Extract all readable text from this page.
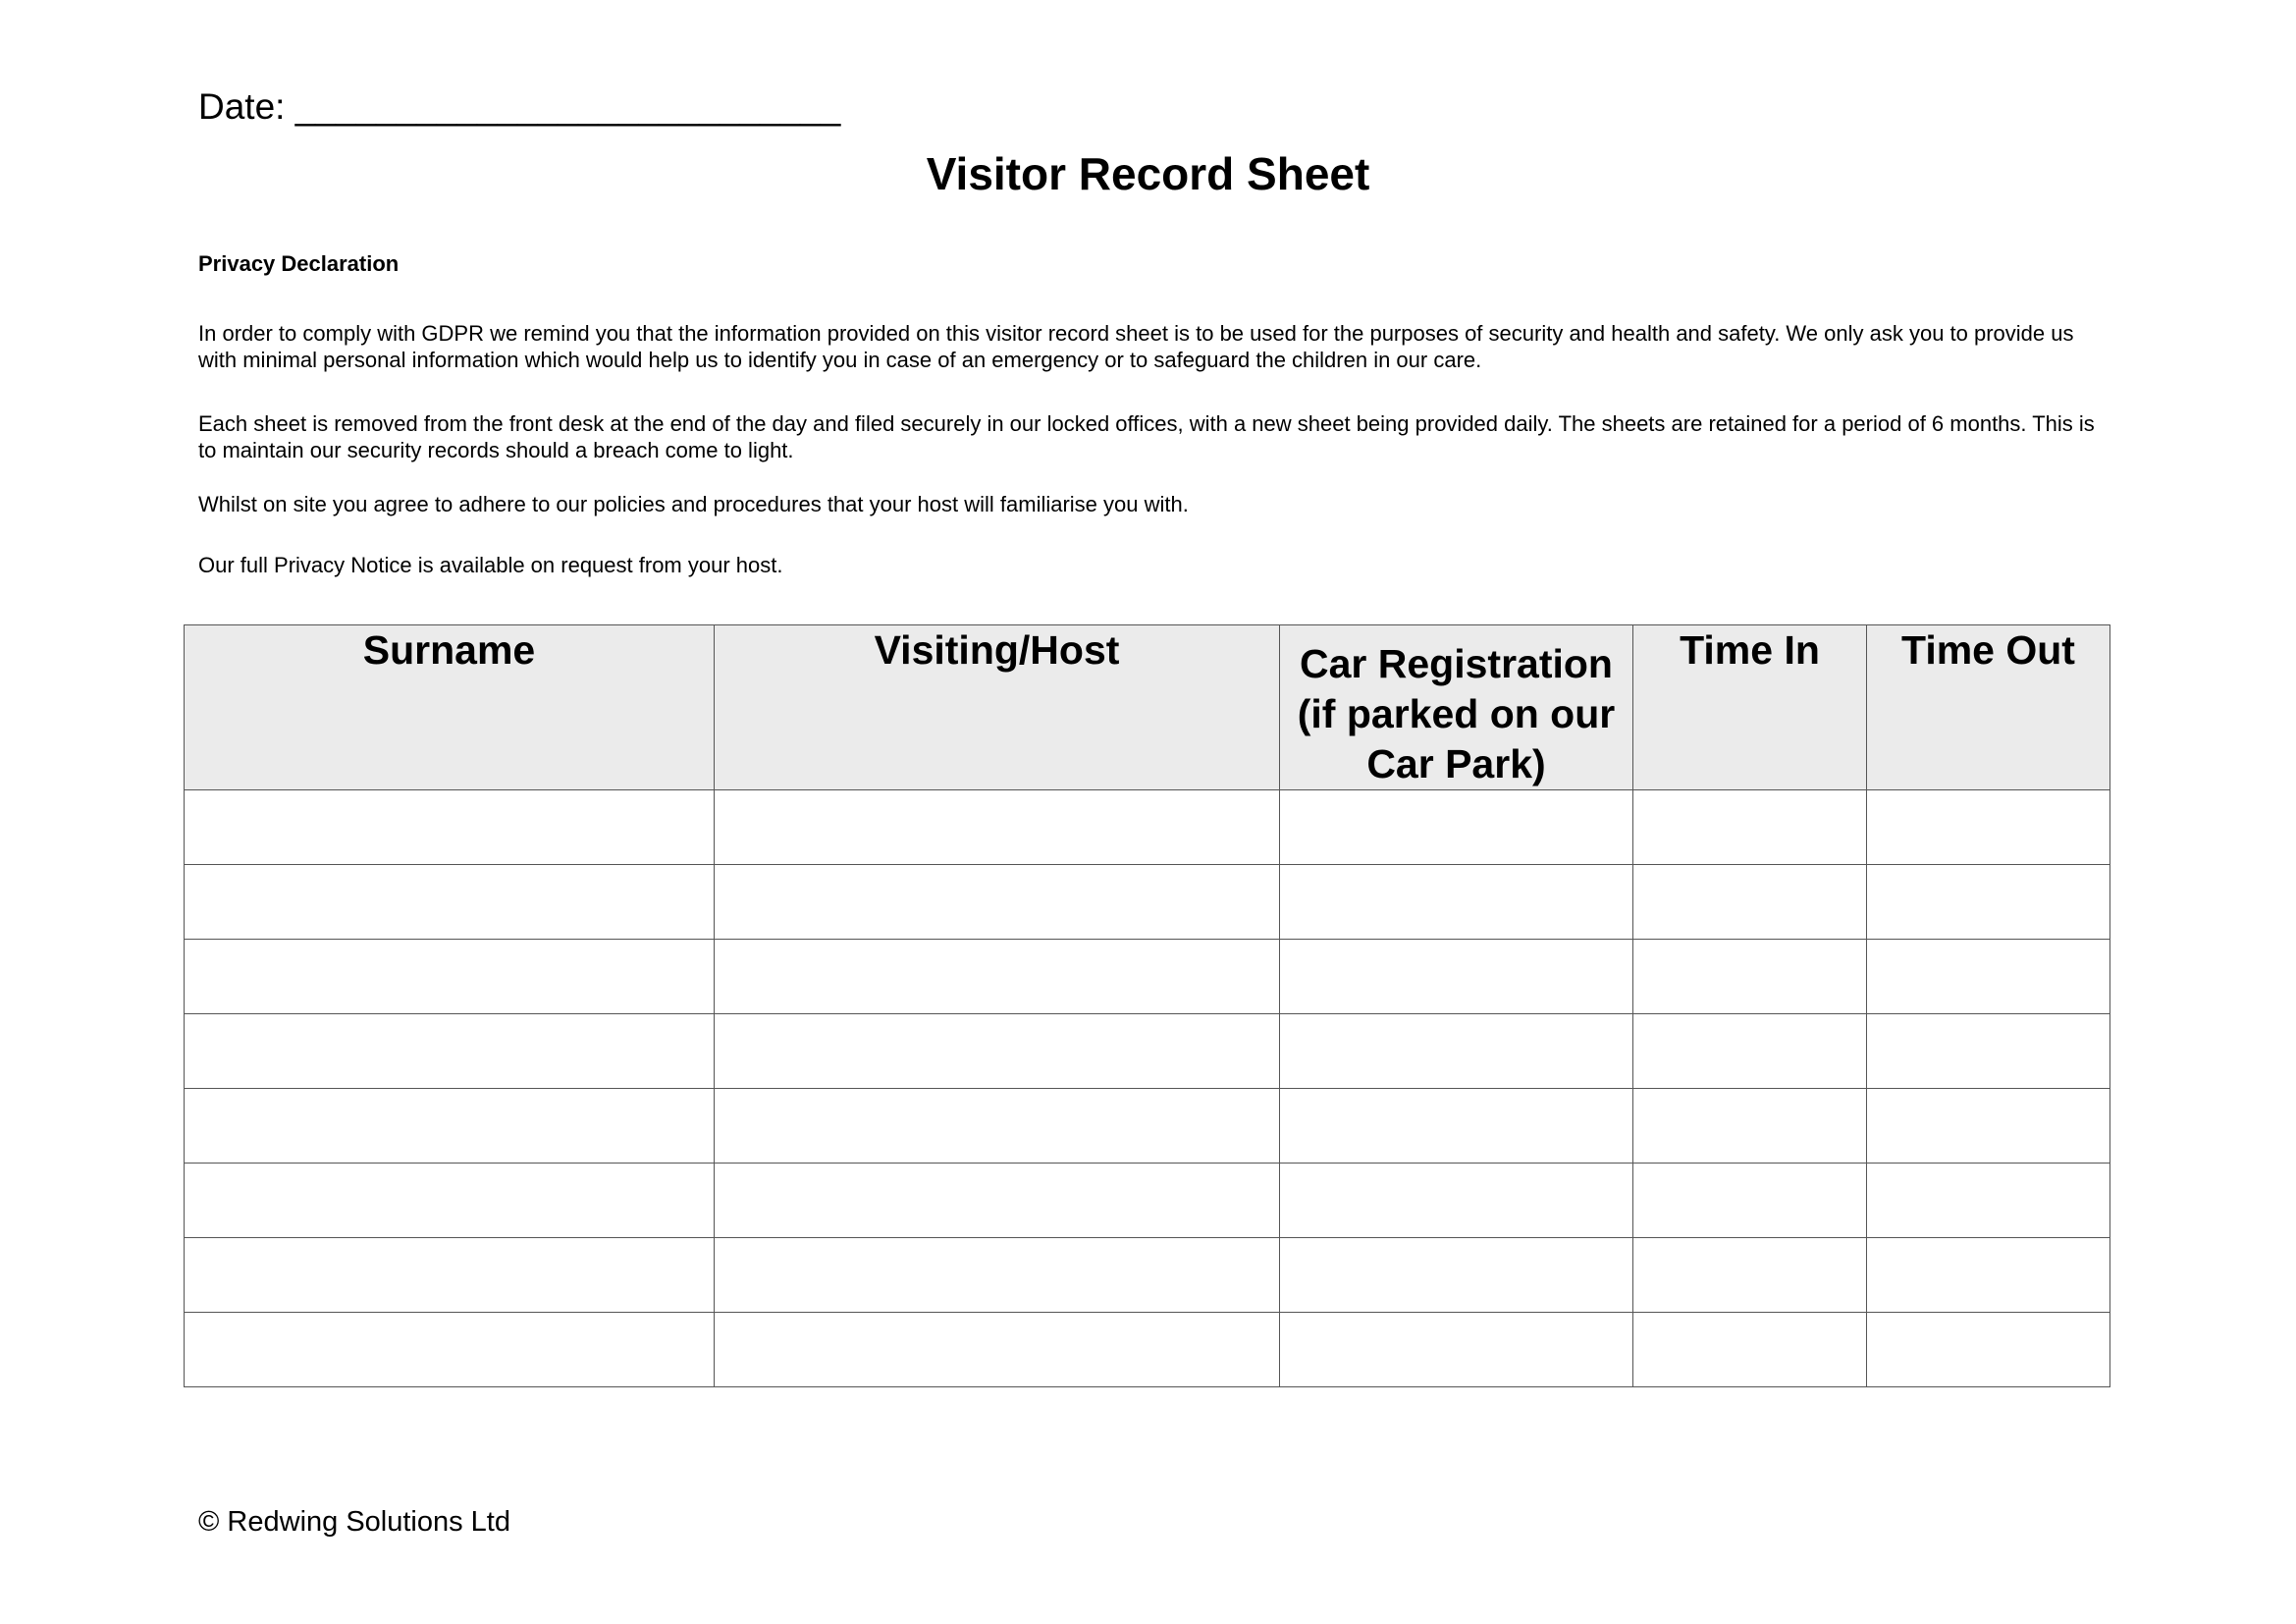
Date: ___________________________
Visitor Record Sheet
Privacy Declaration

In order to comply with GDPR we remind you that the information provided on this visitor record sheet is to be used for the purposes of security and health and safety. We only ask you to provide us with minimal personal information which would help us to identify you in case of an emergency or to safeguard the children in our care.

Each sheet is removed from the front desk at the end of the day and filed securely in our locked offices, with a new sheet being provided daily. The sheets are retained for a period of 6 months. This is to maintain our security records should a breach come to light.

Whilst on site you agree to adhere to our policies and procedures that your host will familiarise you with.

Our full Privacy Notice is available on request from your host.

Surname	Visiting/Host	Car Registration (if parked on our Car Park)	Time In	Time Out

© Redwing Solutions Ltd
